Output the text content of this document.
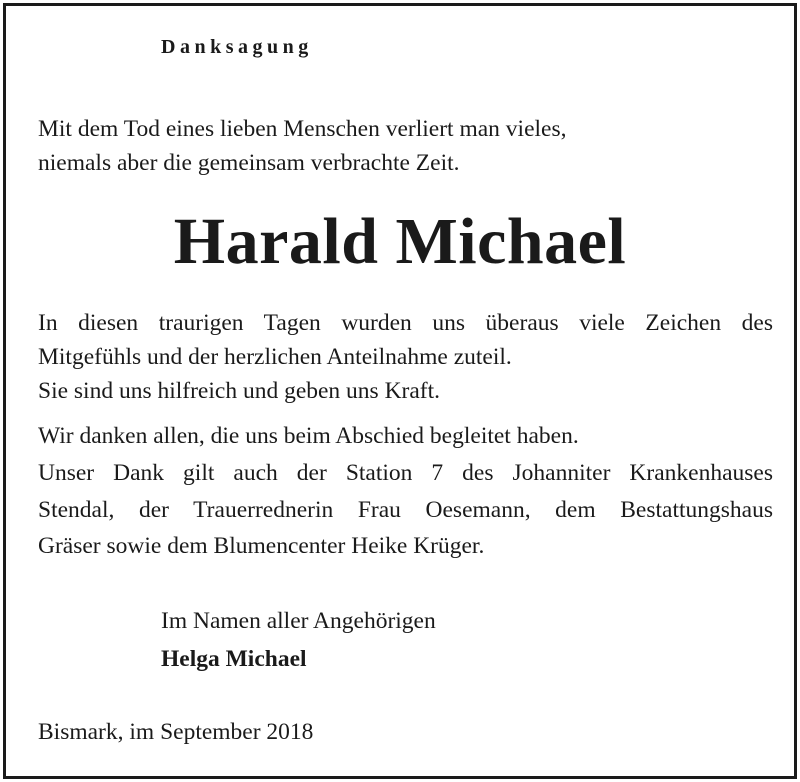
Danksagung
Mit dem Tod eines lieben Menschen verliert man vieles,
niemals aber die gemeinsam verbrachte Zeit.
Harald Michael
In diesen traurigen Tagen wurden uns überaus viele Zeichen des
Mitgefühls und der herzlichen Anteilnahme zuteil.
Sie sind uns hilfreich und geben uns Kraft.
Wir danken allen, die uns beim Abschied begleitet haben.
Unser Dank gilt auch der Station 7 des Johanniter Krankenhauses
Stendal, der Trauerrednerin Frau Oesemann, dem Bestattungshaus
Gräser sowie dem Blumencenter Heike Krüger.
Im Namen aller Angehörigen
Helga Michael
Bismark, im September 2018
